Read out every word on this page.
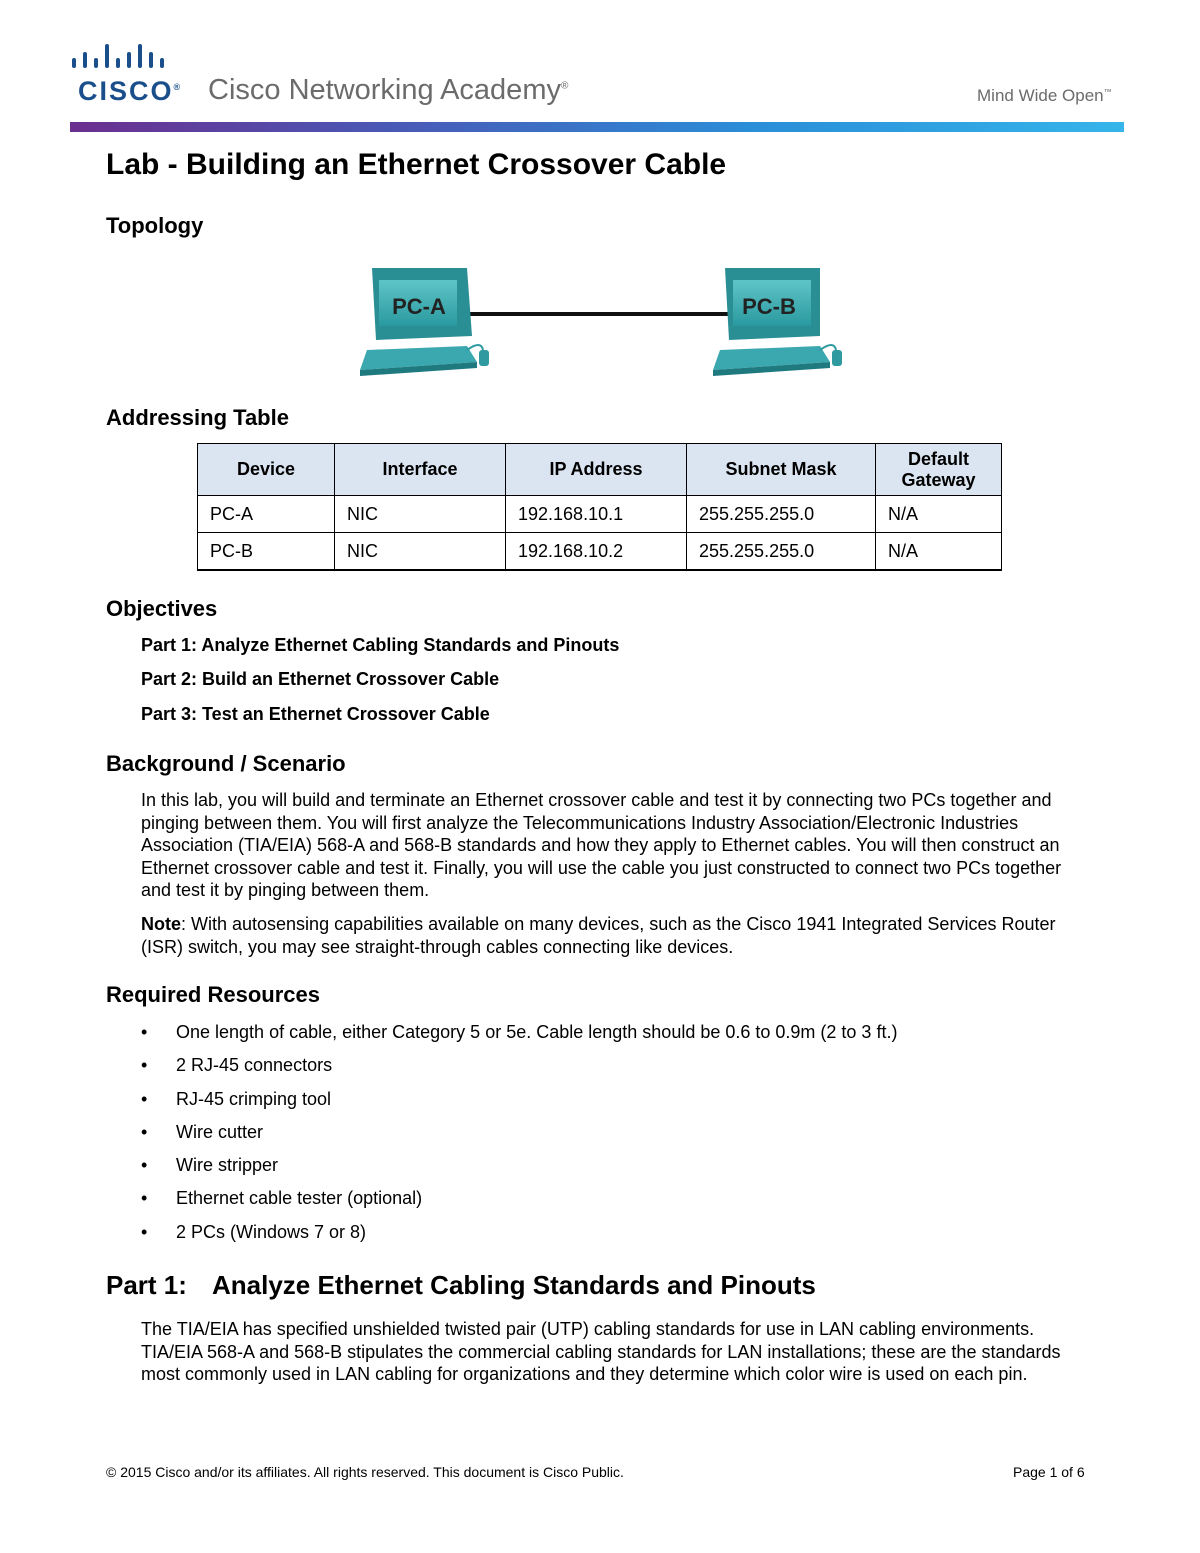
CISCO® Cisco Networking Academy®
Mind Wide Open™
Lab - Building an Ethernet Crossover Cable
Topology
PC-A	PC-B
Addressing Table
Device	Interface	IP Address	Subnet Mask	Default Gateway
PC-A	NIC	192.168.10.1	255.255.255.0	N/A
PC-B	NIC	192.168.10.2	255.255.255.0	N/A
Objectives

Part 1: Analyze Ethernet Cabling Standards and Pinouts

Part 2: Build an Ethernet Crossover Cable

Part 3: Test an Ethernet Crossover Cable

Background / Scenario

In this lab, you will build and terminate an Ethernet crossover cable and test it by connecting two PCs together and pinging between them. You will first analyze the Telecommunications Industry Association/Electronic Industries Association (TIA/EIA) 568-A and 568-B standards and how they apply to Ethernet cables. You will then construct an Ethernet crossover cable and test it. Finally, you will use the cable you just constructed to connect two PCs together and test it by pinging between them.

Note: With autosensing capabilities available on many devices, such as the Cisco 1941 Integrated Services Router (ISR) switch, you may see straight-through cables connecting like devices.

Required Resources
•	One length of cable, either Category 5 or 5e. Cable length should be 0.6 to 0.9m (2 to 3 ft.)
•	2 RJ-45 connectors
•	RJ-45 crimping tool
•	Wire cutter
•	Wire stripper
•	Ethernet cable tester (optional)
•	2 PCs (Windows 7 or 8)
Part 1: Analyze Ethernet Cabling Standards and Pinouts

The TIA/EIA has specified unshielded twisted pair (UTP) cabling standards for use in LAN cabling environments. TIA/EIA 568-A and 568-B stipulates the commercial cabling standards for LAN installations; these are the standards most commonly used in LAN cabling for organizations and they determine which color wire is used on each pin.

© 2015 Cisco and/or its affiliates. All rights reserved. This document is Cisco Public.	Page 1 of 6
